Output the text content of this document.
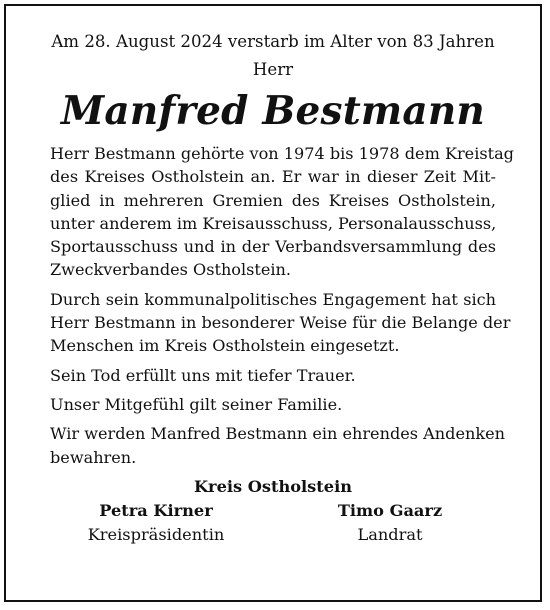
Am 28. August 2024 verstarb im Alter von 83 Jahren

Herr

Manfred Bestmann

Herr Bestmann gehörte von 1974 bis 1978 dem Kreistag
des Kreises Ostholstein an. Er war in dieser Zeit Mit-
glied in mehreren Gremien des Kreises Ostholstein,
unter anderem im Kreisausschuss, Personalausschuss,
Sportausschuss und in der Verbandsversammlung des
Zweckverbandes Ostholstein.

Durch sein kommunalpolitisches Engagement hat sich
Herr Bestmann in besonderer Weise für die Belange der
Menschen im Kreis Ostholstein eingesetzt.

Sein Tod erfüllt uns mit tiefer Trauer.

Unser Mitgefühl gilt seiner Familie.

Wir werden Manfred Bestmann ein ehrendes Andenken
bewahren.

Kreis Ostholstein

Petra Kirner
Kreispräsidentin
Timo Gaarz
Landrat
